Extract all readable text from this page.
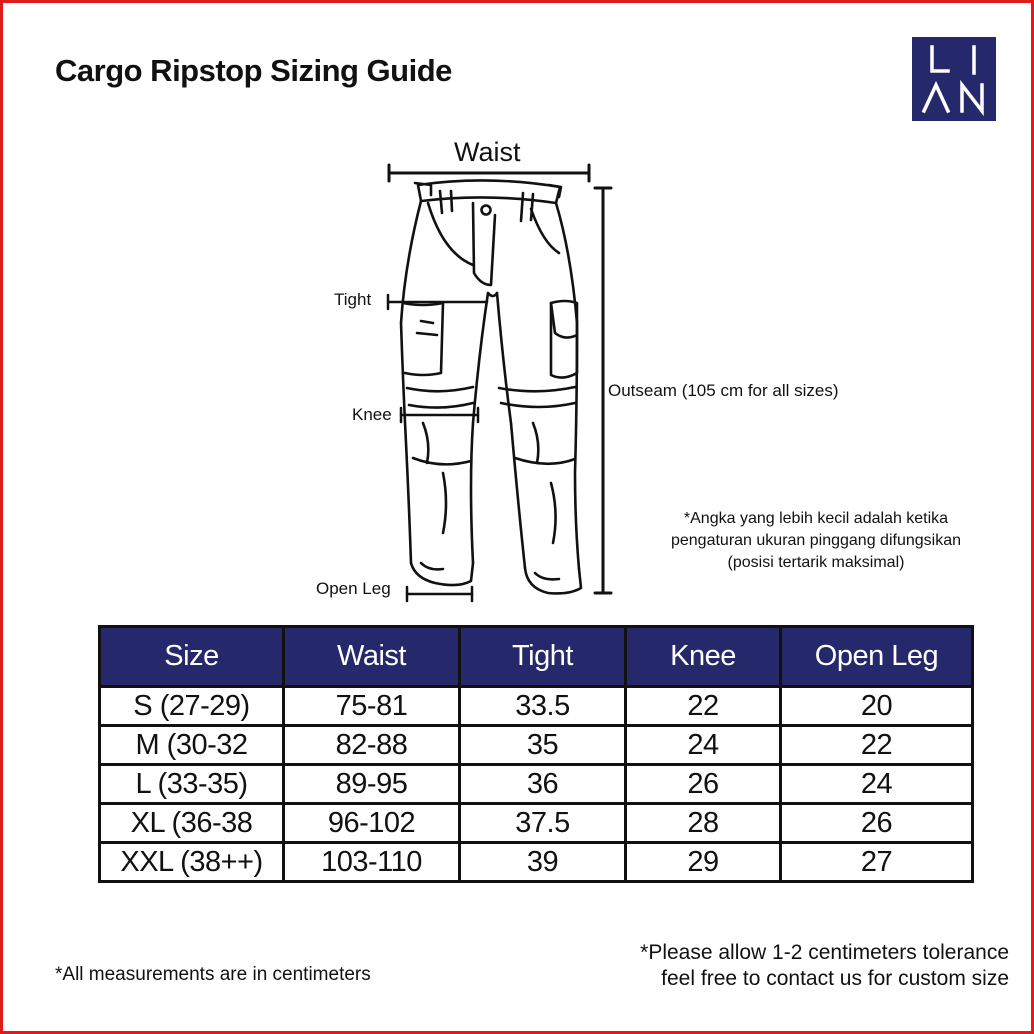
Cargo Ripstop Sizing Guide
Waist
Tight
Knee
Open Leg
Outseam (105 cm for all sizes)
*Angka yang lebih kecil adalah ketika
pengaturan ukuran pinggang difungsikan
(posisi tertarik maksimal)
Size	Waist	Tight	Knee	Open Leg
S (27-29)	75-81	33.5	22	20
M (30-32	82-88	35	24	22
L (33-35)	89-95	36	26	24
XL (36-38	96-102	37.5	28	26
XXL (38++)	103-110	39	29	27
*All measurements are in centimeters
*Please allow 1-2 centimeters tolerance
feel free to contact us for custom size
